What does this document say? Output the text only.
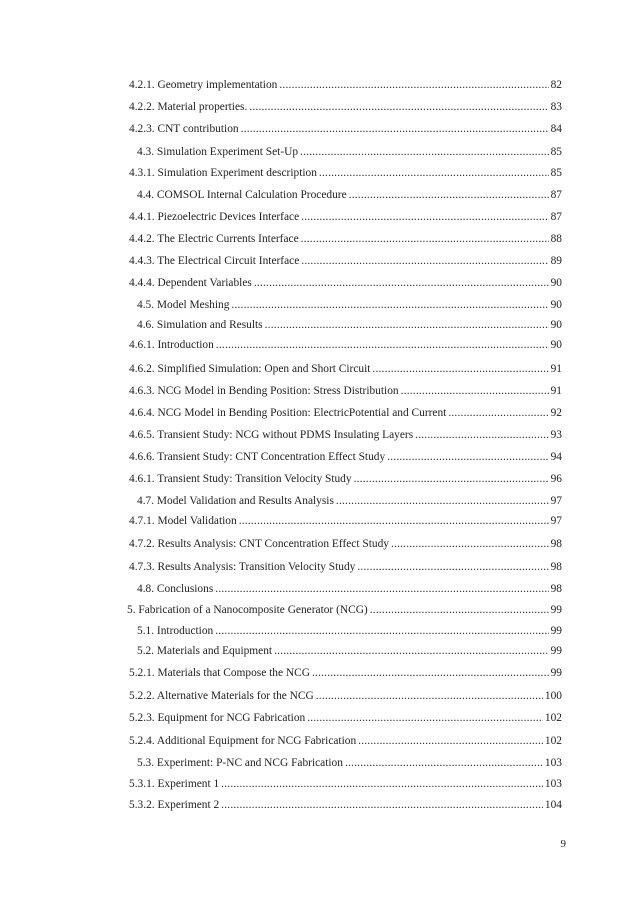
4.2.1. Geometry implementation .....	82
4.2.2. Material properties. .....	83
4.2.3. CNT contribution .....	84
4.3. Simulation Experiment Set-Up .....	85
4.3.1. Simulation Experiment description .....	85
4.4. COMSOL Internal Calculation Procedure .....	87
4.4.1. Piezoelectric Devices Interface .....	87
4.4.2. The Electric Currents Interface .....	88
4.4.3. The Electrical Circuit Interface .....	89
4.4.4. Dependent Variables .....	90
4.5. Model Meshing .....	90
4.6. Simulation and Results .....	90
4.6.1. Introduction .....	90
4.6.2. Simplified Simulation: Open and Short Circuit .....	91
4.6.3. NCG Model in Bending Position: Stress Distribution .....	91
4.6.4. NCG Model in Bending Position: ElectricPotential and Current .....	92
4.6.5. Transient Study: NCG without PDMS Insulating Layers .....	93
4.6.6. Transient Study: CNT Concentration Effect Study .....	94
4.6.1. Transient Study: Transition Velocity Study .....	96
4.7. Model Validation and Results Analysis .....	97
4.7.1. Model Validation .....	97
4.7.2. Results Analysis: CNT Concentration Effect Study .....	98
4.7.3. Results Analysis: Transition Velocity Study .....	98
4.8. Conclusions .....	98
5. Fabrication of a Nanocomposite Generator (NCG) .....	99
5.1. Introduction .....	99
5.2. Materials and Equipment .....	99
5.2.1. Materials that Compose the NCG .....	99
5.2.2. Alternative Materials for the NCG .....	100
5.2.3. Equipment for NCG Fabrication .....	102
5.2.4. Additional Equipment for NCG Fabrication .....	102
5.3. Experiment: P-NC and NCG Fabrication .....	103
5.3.1. Experiment 1 .....	103
5.3.2. Experiment 2 .....	104
9
